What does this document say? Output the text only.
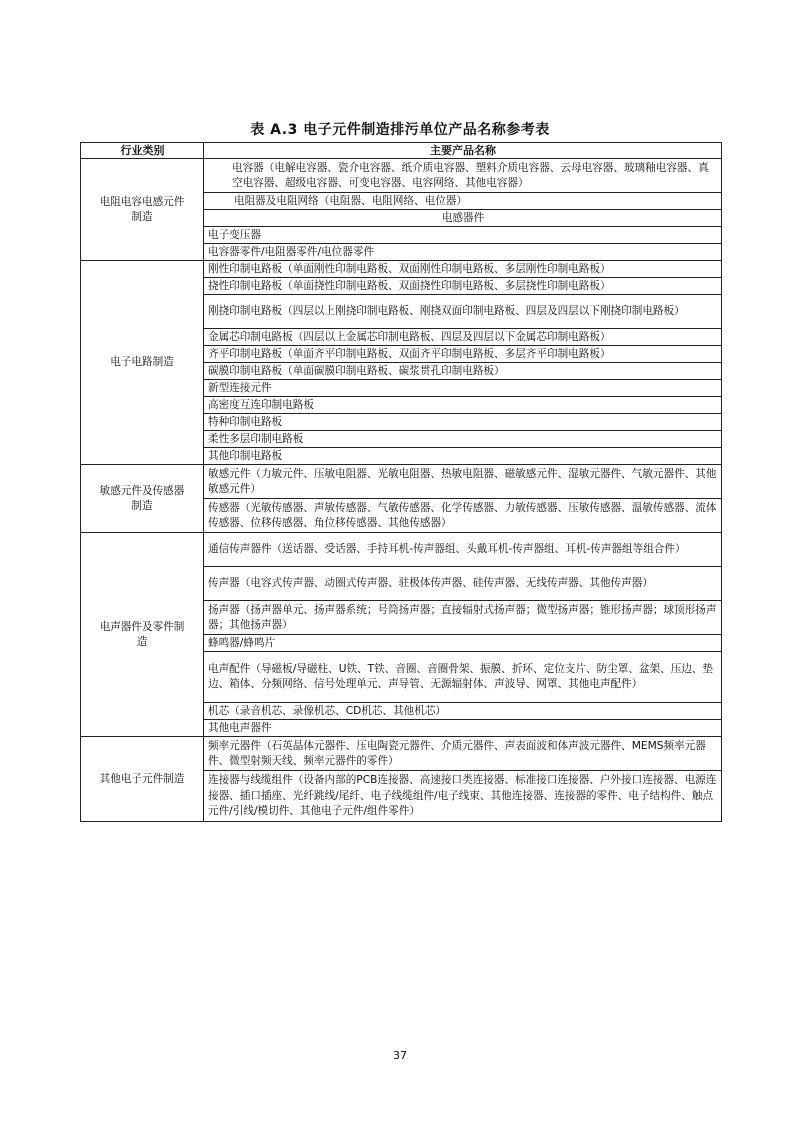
表 A.3 电子元件制造排污单位产品名称参考表
行业类别	主要产品名称

电阻电容电感元件
制造	电容器（电解电容器、瓷介电容器、纸介质电容器、塑料介质电容器、云母电容器、玻璃釉电容器、真空电容器、超级电容器、可变电容器、电容网络、其他电容器）
	电阻器及电阻网络（电阻器、电阻网络、电位器）
	电感器件
	电子变压器
	电容器零件/电阻器零件/电位器零件

电子电路制造	刚性印制电路板（单面刚性印制电路板、双面刚性印制电路板、多层刚性印制电路板）
	挠性印制电路板（单面挠性印制电路板、双面挠性印制电路板、多层挠性印制电路板）
	刚挠印制电路板（四层以上刚挠印制电路板、刚挠双面印制电路板、四层及四层以下刚挠印制电路板）
	金属芯印制电路板（四层以上金属芯印制电路板、四层及四层以下金属芯印制电路板）
	齐平印制电路板（单面齐平印制电路板、双面齐平印制电路板、多层齐平印制电路板）
	碳膜印制电路板（单面碳膜印制电路板、碳浆贯孔印制电路板）
	新型连接元件
	高密度互连印制电路板
	特种印制电路板
	柔性多层印制电路板
	其他印制电路板

敏感元件及传感器
制造	敏感元件（力敏元件、压敏电阻器、光敏电阻器、热敏电阻器、磁敏感元件、湿敏元器件、气敏元器件、其他敏感元件）
	传感器（光敏传感器、声敏传感器、气敏传感器、化学传感器、力敏传感器、压敏传感器、温敏传感器、流体传感器、位移传感器、角位移传感器、其他传感器）

电声器件及零件制
造	通信传声器件（送话器、受话器、手持耳机-传声器组、头戴耳机-传声器组、耳机-传声器组等组合件）
	传声器（电容式传声器、动圈式传声器、驻极体传声器、硅传声器、无线传声器、其他传声器）
	扬声器（扬声器单元、扬声器系统；号筒扬声器；直接辐射式扬声器；微型扬声器；锥形扬声器；球顶形扬声器；其他扬声器）
	蜂鸣器/蜂鸣片
	电声配件（导磁板/导磁柱、U铁、T铁、音圈、音圈骨架、振膜、折环、定位支片、防尘罩、盆架、压边、垫边、箱体、分频网络、信号处理单元、声导管、无源辐射体、声波导、网罩、其他电声配件）
	机芯（录音机芯、录像机芯、CD机芯、其他机芯）
	其他电声器件

其他电子元件制造	频率元器件（石英晶体元器件、压电陶瓷元器件、介质元器件、声表面波和体声波元器件、MEMS频率元器件、微型射频天线、频率元器件的零件）
	连接器与线缆组件（设备内部的PCB连接器、高速接口类连接器、标准接口连接器、户外接口连接器、电源连接器、插口插座、光纤跳线/尾纤、电子线缆组件/电子线束、其他连接器、连接器的零件、电子结构件、触点元件/引线/模切件、其他电子元件/组件零件）
37
